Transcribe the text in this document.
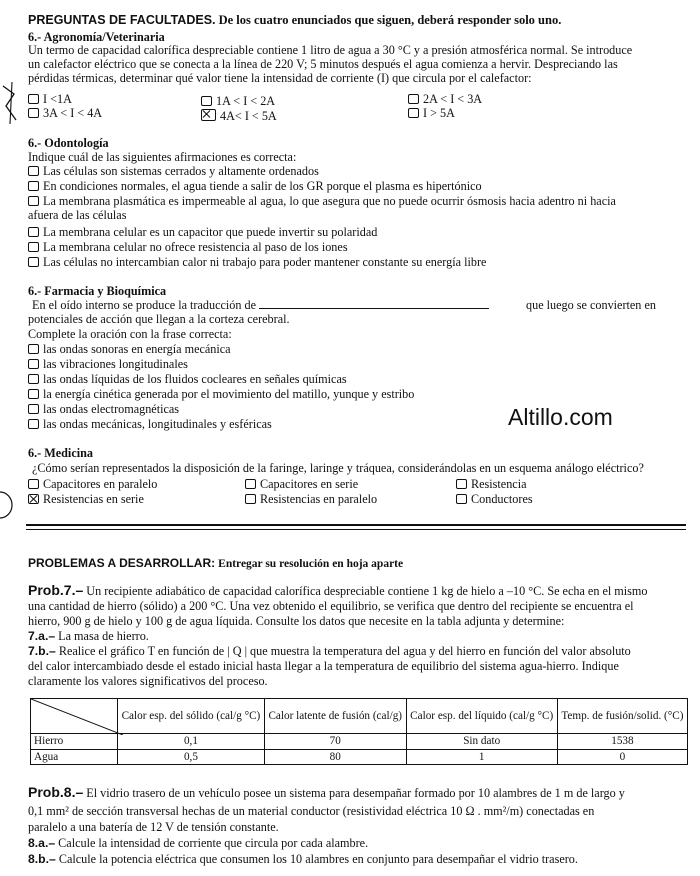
PREGUNTAS DE FACULTADES. De los cuatro enunciados que siguen, deberá responder solo uno.
6.- Agronomía/Veterinaria
Un termo de capacidad calorífica despreciable contiene 1 litro de agua a 30 °C y a presión atmosférica normal. Se introduce
un calefactor eléctrico que se conecta a la línea de 220 V; 5 minutos después el agua comienza a hervir. Despreciando las
pérdidas térmicas, determinar qué valor tiene la intensidad de corriente (I) que circula por el calefactor:
I <1A	1A < I < 2A	2A < I < 3A
3A < I < 4A	4A< I < 5A	I > 5A
6.- Odontología
Indique cuál de las siguientes afirmaciones es correcta:
Las células son sistemas cerrados y altamente ordenados
En condiciones normales, el agua tiende a salir de los GR porque el plasma es hipertónico
La membrana plasmática es impermeable al agua, lo que asegura que no puede ocurrir ósmosis hacia adentro ni hacia
afuera de las células
La membrana celular es un capacitor que puede invertir su polaridad
La membrana celular no ofrece resistencia al paso de los iones
Las células no intercambian calor ni trabajo para poder mantener constante su energía libre
6.- Farmacia y Bioquímica
En el oído interno se produce la traducción de	que luego se convierten en
potenciales de acción que llegan a la corteza cerebral.
Complete la oración con la frase correcta:
las ondas sonoras en energía mecánica
las vibraciones longitudinales
las ondas líquidas de los fluidos cocleares en señales químicas
la energía cinética generada por el movimiento del matillo, yunque y estribo
las ondas electromagnéticas
las ondas mecánicas, longitudinales y esféricas	Altillo.com
6.- Medicina
¿Cómo serían representados la disposición de la faringe, laringe y tráquea, considerándolas en un esquema análogo eléctrico?
Capacitores en paralelo	Capacitores en serie	Resistencia
Resistencias en serie	Resistencias en paralelo	Conductores
PROBLEMAS A DESARROLLAR: Entregar su resolución en hoja aparte
Prob.7.– Un recipiente adiabático de capacidad calorífica despreciable contiene 1 kg de hielo a –10 °C. Se echa en el mismo
una cantidad de hierro (sólido) a 200 °C. Una vez obtenido el equilibrio, se verifica que dentro del recipiente se encuentra el
hierro, 900 g de hielo y 100 g de agua líquida. Consulte los datos que necesite en la tabla adjunta y determine:
7.a.– La masa de hierro.
7.b.– Realice el gráfico T en función de | Q | que muestra la temperatura del agua y del hierro en función del valor absoluto
del calor intercambiado desde el estado inicial hasta llegar a la temperatura de equilibrio del sistema agua-hierro. Indique
claramente los valores significativos del proceso.
	Calor esp. del sólido (cal/g °C)	Calor latente de fusión (cal/g)	Calor esp. del líquido (cal/g °C)	Temp. de fusión/solid. (°C)
Hierro	0,1	70	Sin dato	1538
Agua	0,5	80	1	0
Prob.8.– El vidrio trasero de un vehículo posee un sistema para desempañar formado por 10 alambres de 1 m de largo y
0,1 mm² de sección transversal hechas de un material conductor (resistividad eléctrica 10 Ω . mm²/m) conectadas en
paralelo a una batería de 12 V de tensión constante.
8.a.– Calcule la intensidad de corriente que circula por cada alambre.
8.b.– Calcule la potencia eléctrica que consumen los 10 alambres en conjunto para desempañar el vidrio trasero.
